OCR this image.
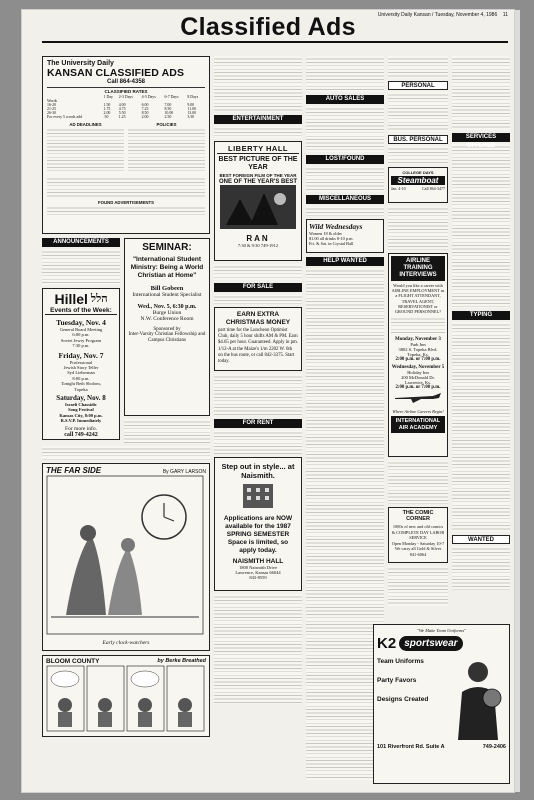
Classified Ads	University Daily Kansan / Tuesday, November 4, 1986 11
The University Daily
KANSAN CLASSIFIED ADS
Call 864-4358
CLASSIFIED RATES
	1 Day	2-3 Days	4-5 Days	6-7 Days	8 Days
Words					
16-20	1.50	4.00	6.00	7.00	9.00
21-25	1.75	4.75	7.25	8.50	11.00
26-30	2.00	5.50	8.50	10.00	13.00
For every 5 words add	.50	1.25	2.00	2.50	3.50
AD DEADLINES	POLICIES
FOUND ADVERTISEMENTS
ANNOUNCEMENTS
Hillel הלל
Events of the Week:
Tuesday, Nov. 4
General Board Meeting
6:00 p.m.
Soviet Jewry Program
7:30 p.m.
Friday, Nov. 7
Professional
Jewish Story Teller
Syd Lieberman
8:00 p.m.
Tonight Beth Sholom,
Topeka
Saturday, Nov. 8
Israeli Chassidic
Song Festival
Kansas City, 8:00 p.m.
R.S.V.P. Immediately
For more info.
call 749-4242
SEMINAR:
"International Student Ministry: Being a World Christian at Home"
Bill Gobeen
International Student Specialist
Wed., Nov. 5, 6:30 p.m.
Burge Union
N.W. Conference Room
Sponsored by
Inter-Varsity Christian Fellowship and Campus Christians
THE FAR SIDE	By GARY LARSON
Early clock-watchers
BLOOM COUNTY	by Berke Breathed
ENTERTAINMENT
LIBERTY HALL
BEST PICTURE OF THE YEAR
BEST FOREIGN FILM OF THE YEAR
ONE OF THE YEAR'S BEST
RAN
7:30 & 9:30 749-1912
FOR SALE
EARN EXTRA CHRISTMAS MONEY
part time for the Luncheon Optimist Club, daily 5 hour shifts AM & PM. Earn $4.65 per hour. Guaranteed. Apply in pm. 1/12-A at the Maize's 1/m 2202 W. 6th on the bus route, or call 842-3375. Start today.
FOR RENT
Step out in style... at Naismith.
Applications are NOW available for the 1987 SPRING SEMESTER Space is limited, so apply today.
NAISMITH HALL
1800 Naismith Drive
Lawrence, Kansas 66044
843-8559
AUTO SALES
LOST/FOUND
MISCELLANEOUS
Wild Wednesdays
Women 18 & older
$1.00 all drinks 8-10 p.m.
Fri. & Sat. in Crystal Ball
HELP WANTED
PERSONAL
BUS. PERSONAL
COLLEGE DAYS
Steamboat
Jan. 4-10	Call 864-3477
AIRLINE TRAINING INTERVIEWS
Would you like a career with AIRLINE EMPLOYMENT as a FLIGHT ATTENDANT, TRAVEL AGENT, RESERVATIONIST or GROUND PERSONNEL?
Monday, November 3
Park Inn
3802 S. Topeka Blvd.
Topeka, Ks.
2:00 p.m. or 7:00 p.m.
Wednesday, November 5
Holiday Inn
200 McDonald Dr.
Lawrence, Ks.
2:00 p.m. or 7:00 p.m.
Where Airline Careers Begin!
INTERNATIONAL AIR ACADEMY
THE COMIC CORNER
1000s of new and old comics
& COMPLETE DAY LABOR SERVICE
Open Monday - Saturday 10-7
We carry all Gold & Silver 841-6064
SERVICES OFFERED
TYPING
WANTED
"We Make Team Uniforms"
K2 sportswear
Team Uniforms
Party Favors
Designs Created
101 Riverfront Rd. Suite A	749-2406
